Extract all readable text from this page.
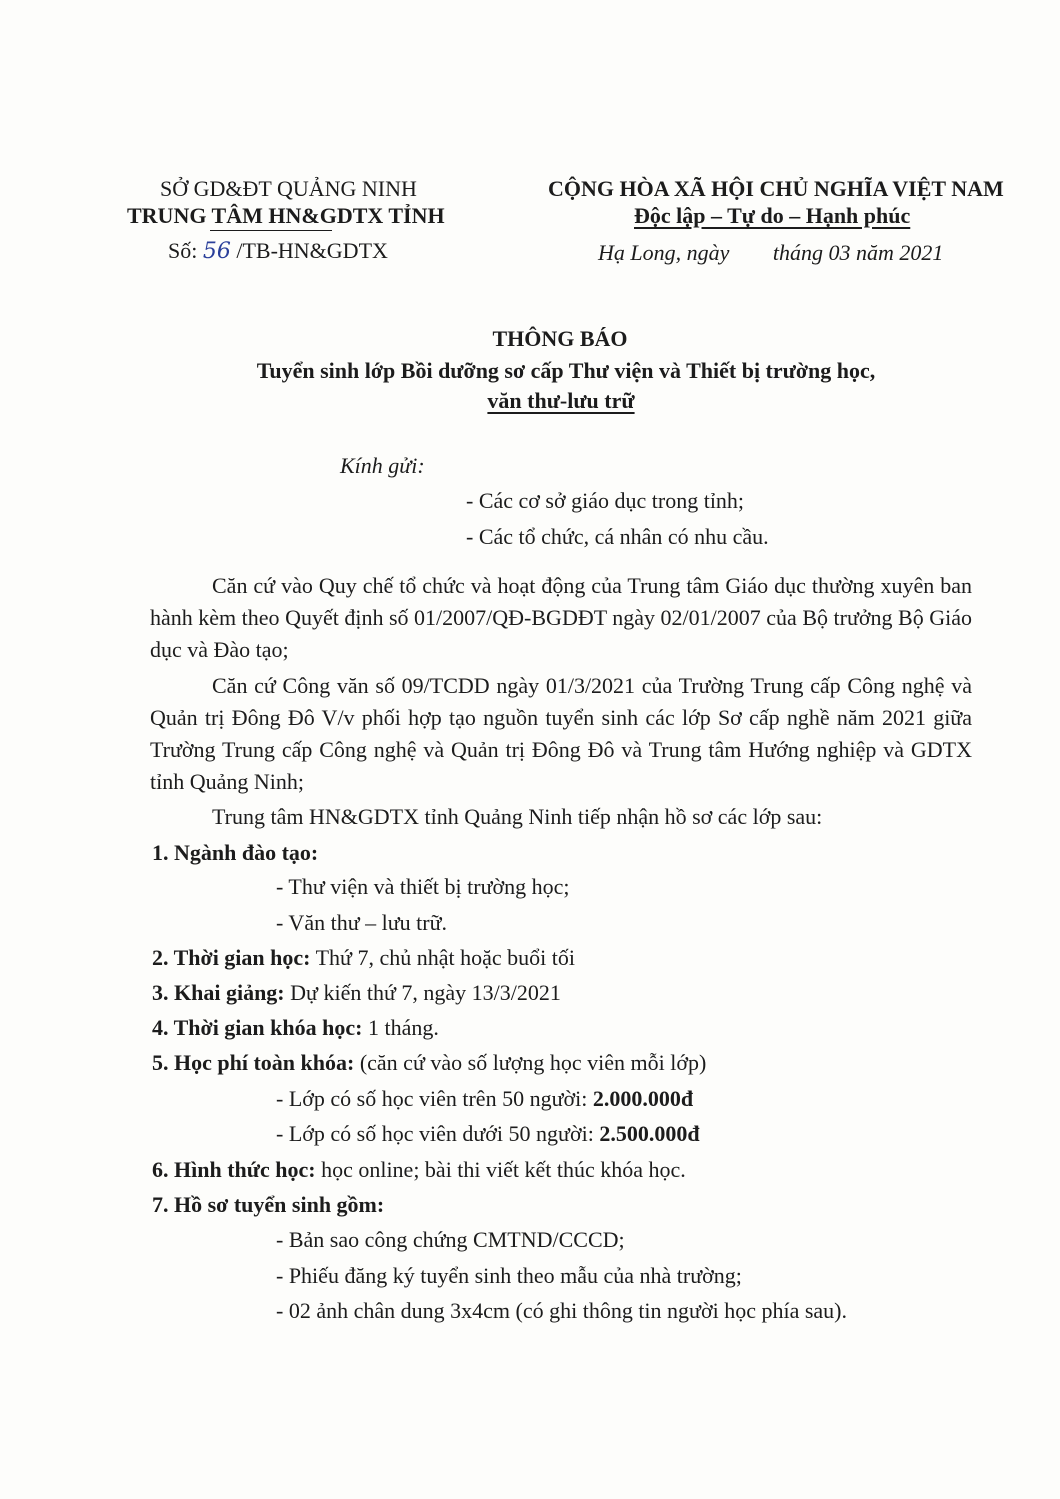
SỞ GD&ĐT QUẢNG NINH
TRUNG TÂM HN&GDTX TỈNH
Số: 56 /TB-HN&GDTX
CỘNG HÒA XÃ HỘI CHỦ NGHĨA VIỆT NAM
Độc lập – Tự do – Hạnh phúc
Hạ Long, ngày tháng 03 năm 2021
THÔNG BÁO
Tuyển sinh lớp Bồi dưỡng sơ cấp Thư viện và Thiết bị trường học,
văn thư-lưu trữ
Kính gửi:
- Các cơ sở giáo dục trong tỉnh;
- Các tổ chức, cá nhân có nhu cầu.
Căn cứ vào Quy chế tổ chức và hoạt động của Trung tâm Giáo dục thường xuyên ban hành kèm theo Quyết định số 01/2007/QĐ-BGDĐT ngày 02/01/2007 của Bộ trưởng Bộ Giáo dục và Đào tạo;
Căn cứ Công văn số 09/TCDD ngày 01/3/2021 của Trường Trung cấp Công nghệ và Quản trị Đông Đô V/v phối hợp tạo nguồn tuyển sinh các lớp Sơ cấp nghề năm 2021 giữa Trường Trung cấp Công nghệ và Quản trị Đông Đô và Trung tâm Hướng nghiệp và GDTX tỉnh Quảng Ninh;
Trung tâm HN&GDTX tỉnh Quảng Ninh tiếp nhận hồ sơ các lớp sau:
1. Ngành đào tạo:
- Thư viện và thiết bị trường học;
- Văn thư – lưu trữ.
2. Thời gian học: Thứ 7, chủ nhật hoặc buổi tối
3. Khai giảng: Dự kiến thứ 7, ngày 13/3/2021
4. Thời gian khóa học: 1 tháng.
5. Học phí toàn khóa: (căn cứ vào số lượng học viên mỗi lớp)
- Lớp có số học viên trên 50 người: 2.000.000đ
- Lớp có số học viên dưới 50 người: 2.500.000đ
6. Hình thức học: học online; bài thi viết kết thúc khóa học.
7. Hồ sơ tuyển sinh gồm:
- Bản sao công chứng CMTND/CCCD;
- Phiếu đăng ký tuyển sinh theo mẫu của nhà trường;
- 02 ảnh chân dung 3x4cm (có ghi thông tin người học phía sau).
